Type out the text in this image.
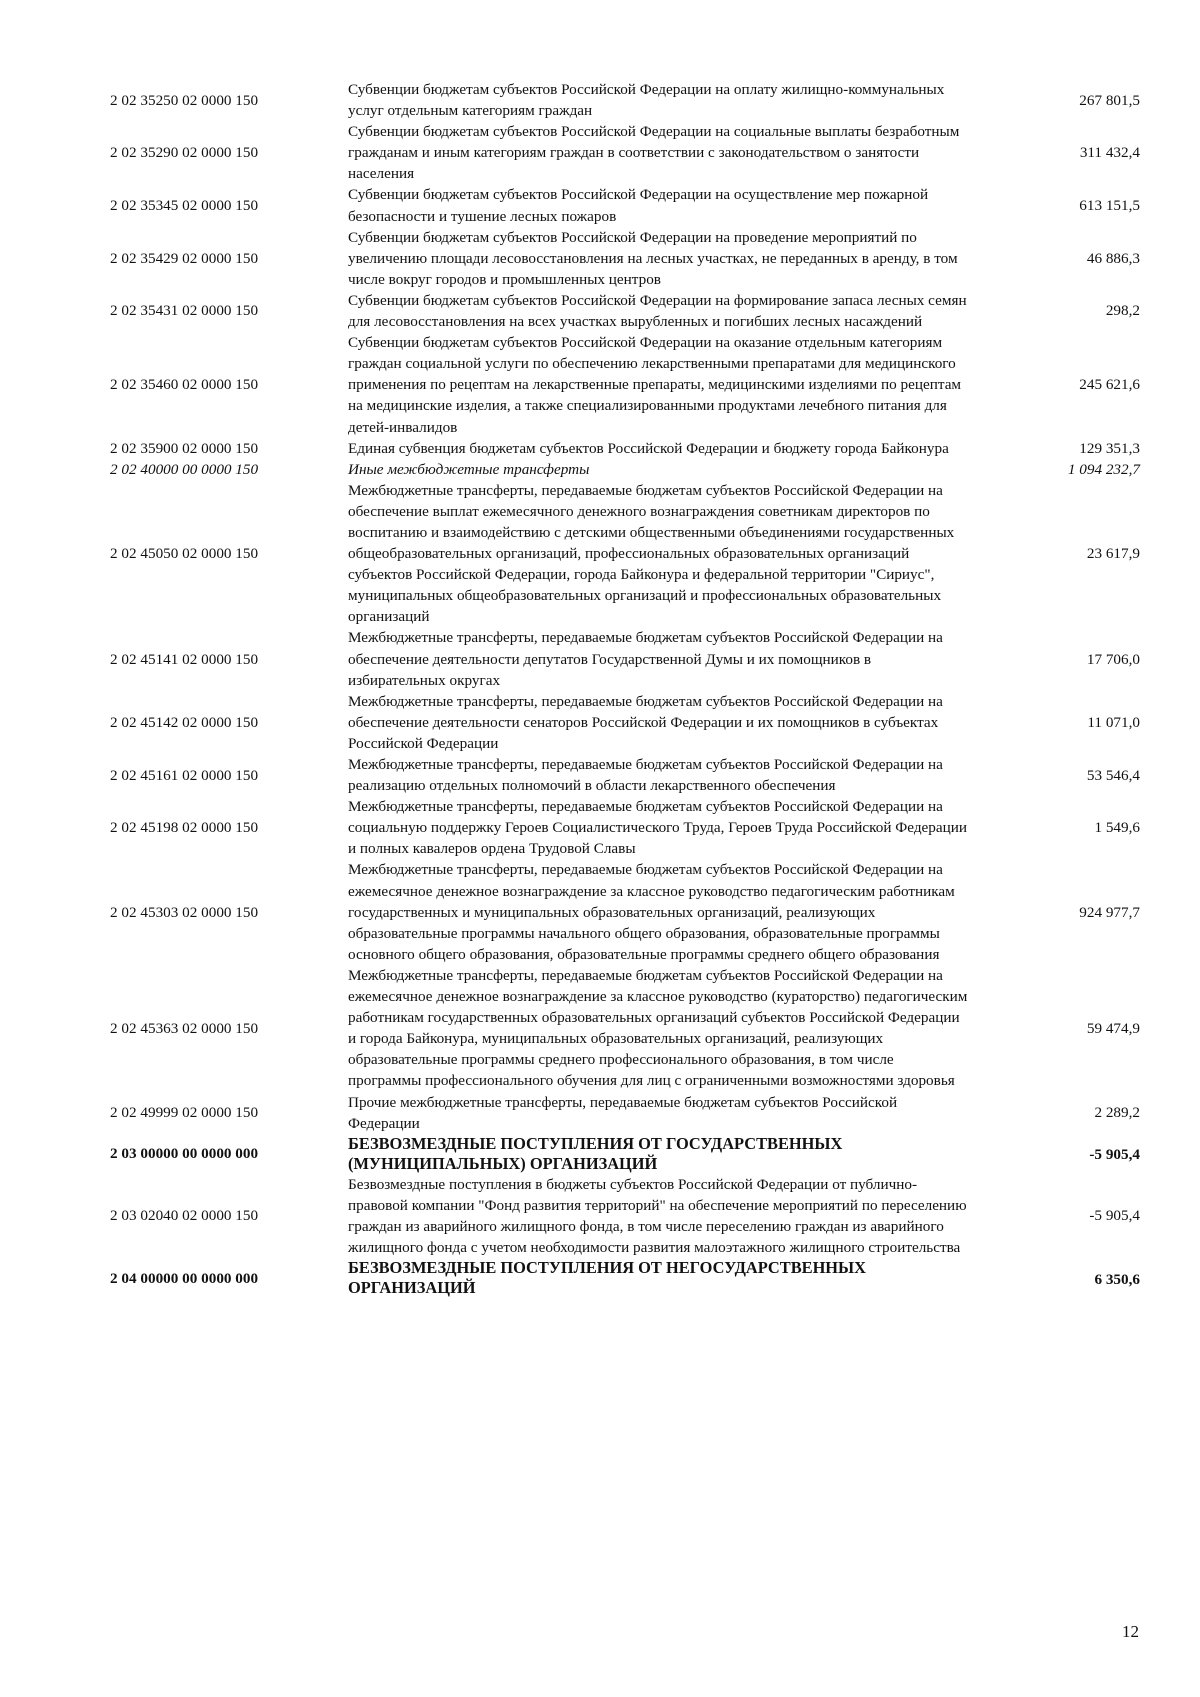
2 02 35250 02 0000 150	Субвенции бюджетам субъектов Российской Федерации на оплату жилищно-коммунальных услуг отдельным категориям граждан	267 801,5
2 02 35290 02 0000 150	Субвенции бюджетам субъектов Российской Федерации на социальные выплаты безработным гражданам и иным категориям граждан в соответствии с законодательством о занятости населения	311 432,4
2 02 35345 02 0000 150	Субвенции бюджетам субъектов Российской Федерации на осуществление мер пожарной безопасности и тушение лесных пожаров	613 151,5
2 02 35429 02 0000 150	Субвенции бюджетам субъектов Российской Федерации на проведение мероприятий по увеличению площади лесовосстановления на лесных участках, не переданных в аренду, в том числе вокруг городов и промышленных центров	46 886,3
2 02 35431 02 0000 150	Субвенции бюджетам субъектов Российской Федерации на формирование запаса лесных семян для лесовосстановления на всех участках вырубленных и погибших лесных насаждений	298,2
2 02 35460 02 0000 150	Субвенции бюджетам субъектов Российской Федерации на оказание отдельным категориям граждан социальной услуги по обеспечению лекарственными препаратами для медицинского применения по рецептам на лекарственные препараты, медицинскими изделиями по рецептам на медицинские изделия, а также специализированными продуктами лечебного питания для детей-инвалидов	245 621,6
2 02 35900 02 0000 150	Единая субвенция бюджетам субъектов Российской Федерации и бюджету города Байконура	129 351,3
2 02 40000 00 0000 150	Иные межбюджетные трансферты	1 094 232,7
2 02 45050 02 0000 150	Межбюджетные трансферты, передаваемые бюджетам субъектов Российской Федерации на обеспечение выплат ежемесячного денежного вознаграждения советникам директоров по воспитанию и взаимодействию с детскими общественными объединениями государственных общеобразовательных организаций, профессиональных образовательных организаций субъектов Российской Федерации, города Байконура и федеральной территории "Сириус", муниципальных общеобразовательных организаций и профессиональных образовательных организаций	23 617,9
2 02 45141 02 0000 150	Межбюджетные трансферты, передаваемые бюджетам субъектов Российской Федерации на обеспечение деятельности депутатов Государственной Думы и их помощников в избирательных округах	17 706,0
2 02 45142 02 0000 150	Межбюджетные трансферты, передаваемые бюджетам субъектов Российской Федерации на обеспечение деятельности сенаторов Российской Федерации и их помощников в субъектах Российской Федерации	11 071,0
2 02 45161 02 0000 150	Межбюджетные трансферты, передаваемые бюджетам субъектов Российской Федерации на реализацию отдельных полномочий в области лекарственного обеспечения	53 546,4
2 02 45198 02 0000 150	Межбюджетные трансферты, передаваемые бюджетам субъектов Российской Федерации на социальную поддержку Героев Социалистического Труда, Героев Труда Российской Федерации и полных кавалеров ордена Трудовой Славы	1 549,6
2 02 45303 02 0000 150	Межбюджетные трансферты, передаваемые бюджетам субъектов Российской Федерации на ежемесячное денежное вознаграждение за классное руководство педагогическим работникам государственных и муниципальных образовательных организаций, реализующих образовательные программы начального общего образования, образовательные программы основного общего образования, образовательные программы среднего общего образования	924 977,7
2 02 45363 02 0000 150	Межбюджетные трансферты, передаваемые бюджетам субъектов Российской Федерации на ежемесячное денежное вознаграждение за классное руководство (кураторство) педагогическим работникам государственных образовательных организаций субъектов Российской Федерации и города Байконура, муниципальных образовательных организаций, реализующих образовательные программы среднего профессионального образования, в том числе программы профессионального обучения для лиц с ограниченными возможностями здоровья	59 474,9
2 02 49999 02 0000 150	Прочие межбюджетные трансферты, передаваемые бюджетам субъектов Российской Федерации	2 289,2
2 03 00000 00 0000 000	БЕЗВОЗМЕЗДНЫЕ ПОСТУПЛЕНИЯ ОТ ГОСУДАРСТВЕННЫХ (МУНИЦИПАЛЬНЫХ) ОРГАНИЗАЦИЙ	-5 905,4
2 03 02040 02 0000 150	Безвозмездные поступления в бюджеты субъектов Российской Федерации от публично-правовой компании "Фонд развития территорий" на обеспечение мероприятий по переселению граждан из аварийного жилищного фонда, в том числе переселению граждан из аварийного жилищного фонда с учетом необходимости развития малоэтажного жилищного строительства	-5 905,4
2 04 00000 00 0000 000	БЕЗВОЗМЕЗДНЫЕ ПОСТУПЛЕНИЯ ОТ НЕГОСУДАРСТВЕННЫХ ОРГАНИЗАЦИЙ	6 350,6
12
